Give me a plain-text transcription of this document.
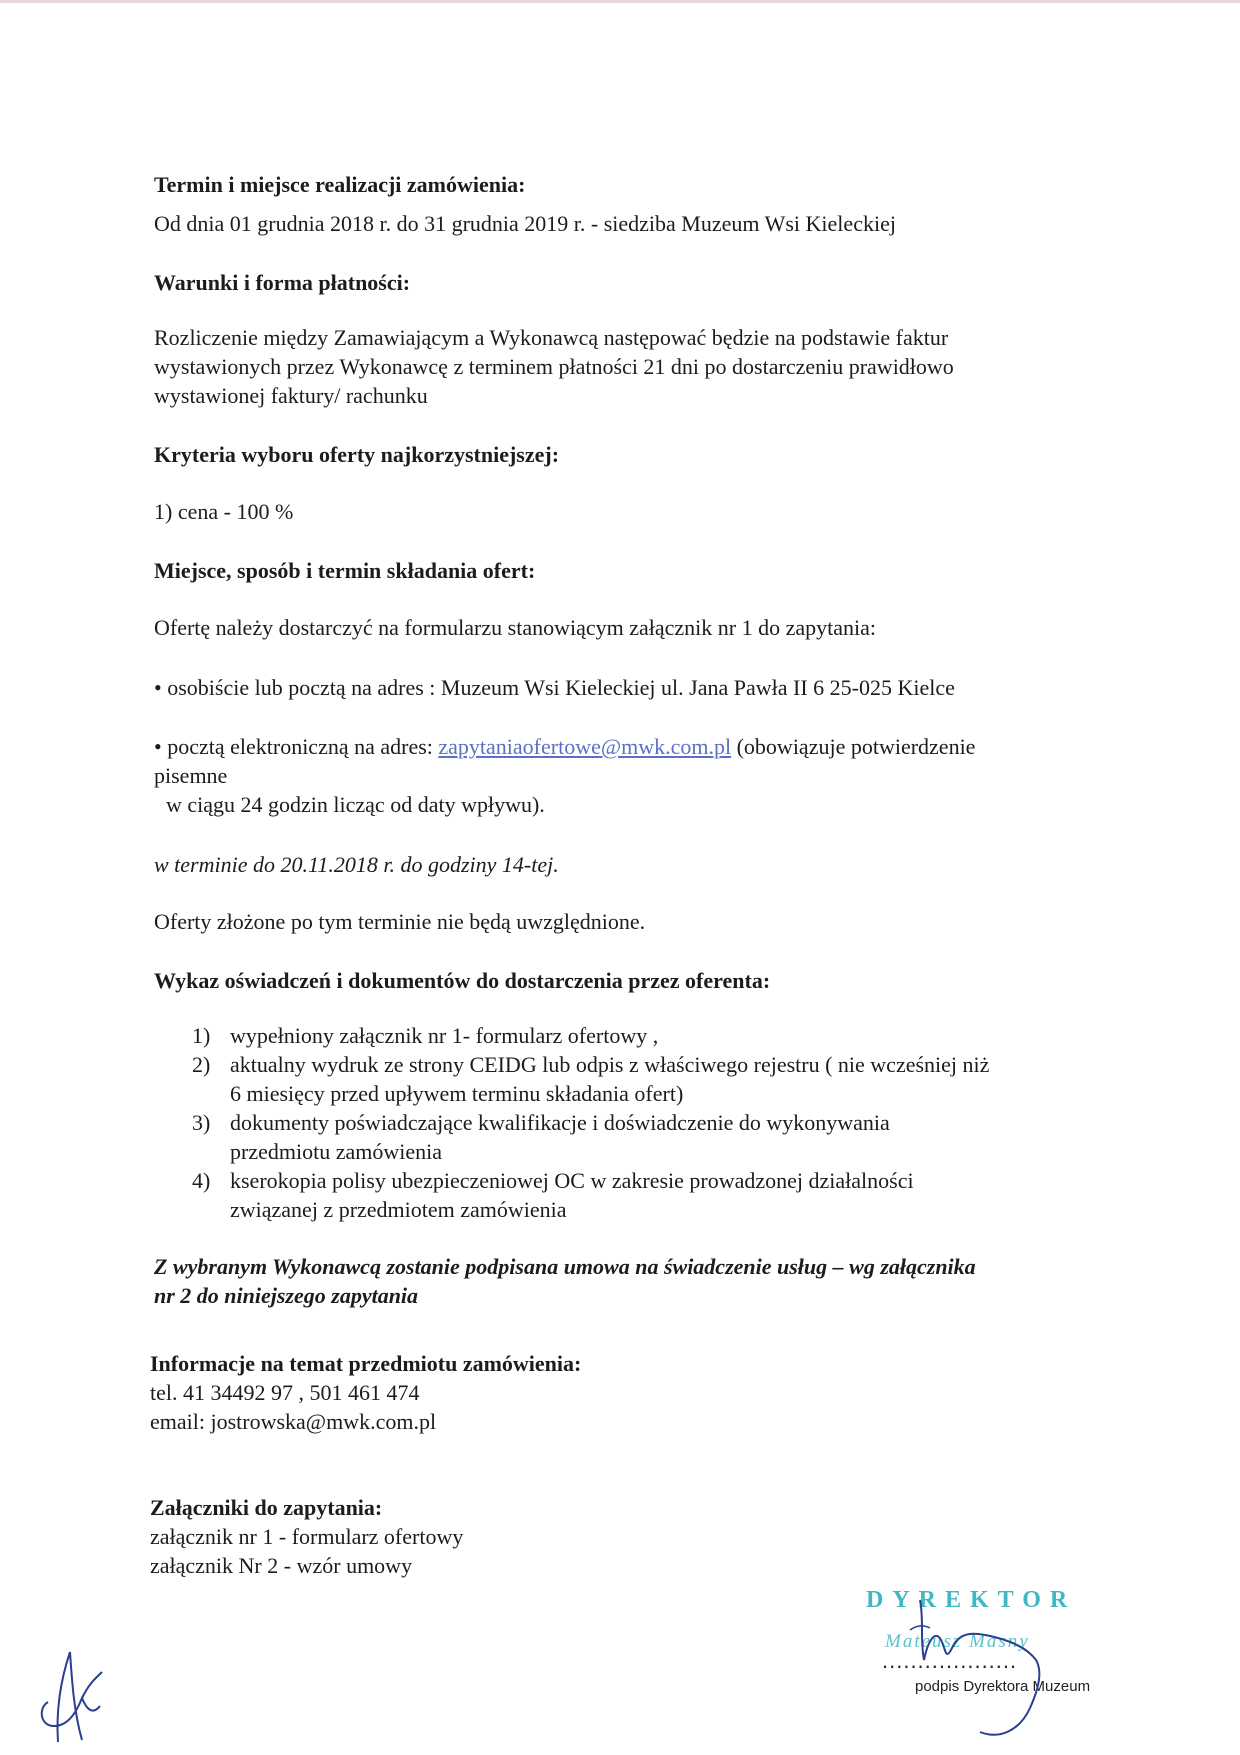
Termin i miejsce realizacji zamówienia:
Od dnia 01 grudnia 2018 r. do 31 grudnia 2019 r. - siedziba Muzeum Wsi Kieleckiej
Warunki i forma płatności:
Rozliczenie między Zamawiającym a Wykonawcą następować będzie na podstawie faktur
wystawionych przez Wykonawcę z terminem płatności 21 dni po dostarczeniu prawidłowo
wystawionej faktury/ rachunku
Kryteria wyboru oferty najkorzystniejszej:
1) cena - 100 %
Miejsce, sposób i termin składania ofert:
Ofertę należy dostarczyć na formularzu stanowiącym załącznik nr 1 do zapytania:
• osobiście lub pocztą na adres : Muzeum Wsi Kieleckiej ul. Jana Pawła II 6 25-025 Kielce
• pocztą elektroniczną na adres: zapytaniaofertowe@mwk.com.pl (obowiązuje potwierdzenie
pisemne
w ciągu 24 godzin licząc od daty wpływu).
w terminie do 20.11.2018 r. do godziny 14-tej.
Oferty złożone po tym terminie nie będą uwzględnione.
Wykaz oświadczeń i dokumentów do dostarczenia przez oferenta:
1) wypełniony załącznik nr 1- formularz ofertowy ,
2) aktualny wydruk ze strony CEIDG lub odpis z właściwego rejestru ( nie wcześniej niż
6 miesięcy przed upływem terminu składania ofert)
3) dokumenty poświadczające kwalifikacje i doświadczenie do wykonywania
przedmiotu zamówienia
4) kserokopia polisy ubezpieczeniowej OC w zakresie prowadzonej działalności
związanej z przedmiotem zamówienia
Z wybranym Wykonawcą zostanie podpisana umowa na świadczenie usług – wg załącznika
nr 2 do niniejszego zapytania
Informacje na temat przedmiotu zamówienia:
tel. 41 34492 97 , 501 461 474
email: jostrowska@mwk.com.pl
Załączniki do zapytania:
załącznik nr 1 - formularz ofertowy
załącznik Nr 2 - wzór umowy
DYREKTOR
Mateusz Masny
...................
podpis Dyrektora Muzeum
